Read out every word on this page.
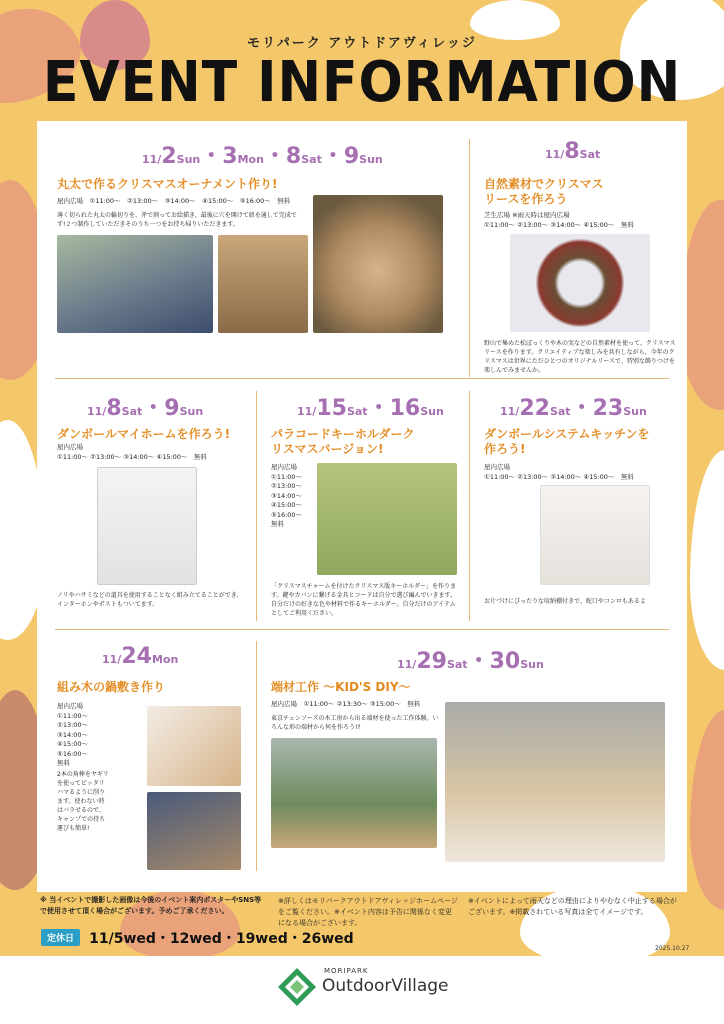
モリパーク アウトドアヴィレッジ
EVENT INFORMATION
11/2Sun・3Mon・8Sat・9Sun
丸太で作るクリスマスオーナメント作り!
屋内広場　①11:00〜　②13:00〜　③14:00〜　④15:00〜　⑤16:00〜　無料
薄く切られた丸太の輪切りを、斧で割ってお絵描き、最後に穴を開けて紐を通して完成です!２つ制作していただきそのうち一つをお持ち帰りいただきます。
11/8Sat
自然素材でクリスマスリースを作ろう
芝生広場 ※雨天時は屋内広場
①11:00〜 ②13:00〜 ③14:00〜 ④15:00〜　無料
野山で集めた松ぼっくりや木の実などの自然素材を使って、クリスマスリースを作ります。クリエイティブな楽しみを共有しながら、今年のクリスマスは世界にただひとつのオリジナルリースで、特別な飾りつけを楽しんでみませんか。
11/8Sat・9Sun
ダンボールマイホームを作ろう!
屋内広場
①11:00〜 ②13:00〜 ③14:00〜 ④15:00〜　無料
ノリやハサミなどの道具を使用することなく組み立てることができ、インターホンやポストもついてます。
11/15Sat・16Sun
パラコードキーホルダークリスマスバージョン!
屋内広場
①11:00〜
②13:00〜
③14:00〜
④15:00〜
⑤16:00〜
無料
「クリスマスチャームを付けたクリスマス版キーホルダー」を作ります。鍵やカバンに繋げる金具とコードは自分で選び編んでいきます。自分だけの好きな色や材料で作るキーホルダー。自分だけのアイテムとしてご利用ください。
11/22Sat・23Sun
ダンボールシステムキッチンを作ろう!
屋内広場
①11:00〜 ②13:00〜 ③14:00〜 ④15:00〜　無料
お片づけにぴったりな収納棚付きで、蛇口やコンロもあるよ
11/24Mon
組み木の鍋敷き作り
屋内広場
①11:00〜
②13:00〜
③14:00〜
④15:00〜
⑤16:00〜
無料
2本の角棒をヤギリを使ってピッタリハマるように削ります。使わない時はバラせるので、キャンプでの持ち運びも簡単!
11/29Sat・30Sun
端材工作 〜KID'S DIY〜
屋内広場　①11:00〜 ②13:30〜 ③15:00〜　無料
東京チェンソーズの木工房から出る端材を使った工作体験。いろんな形の端材から何を作ろう!?
※ 当イベントで撮影した画像は今後のイベント案内ポスターやSNS等で使用させて頂く場合がございます。予めご了承ください。
※詳しくはモリパークアウトドアヴィレッジホームページをご覧ください。※イベント内容は予告に関係なく変更になる場合がございます。
※イベントによって雨天などの理由によりやむなく中止する場合がございます。※掲載されている写真は全てイメージです。
定休日 11/5wed・12wed・19wed・26wed
2025.10.27
MORIPARK
OutdoorVillage
